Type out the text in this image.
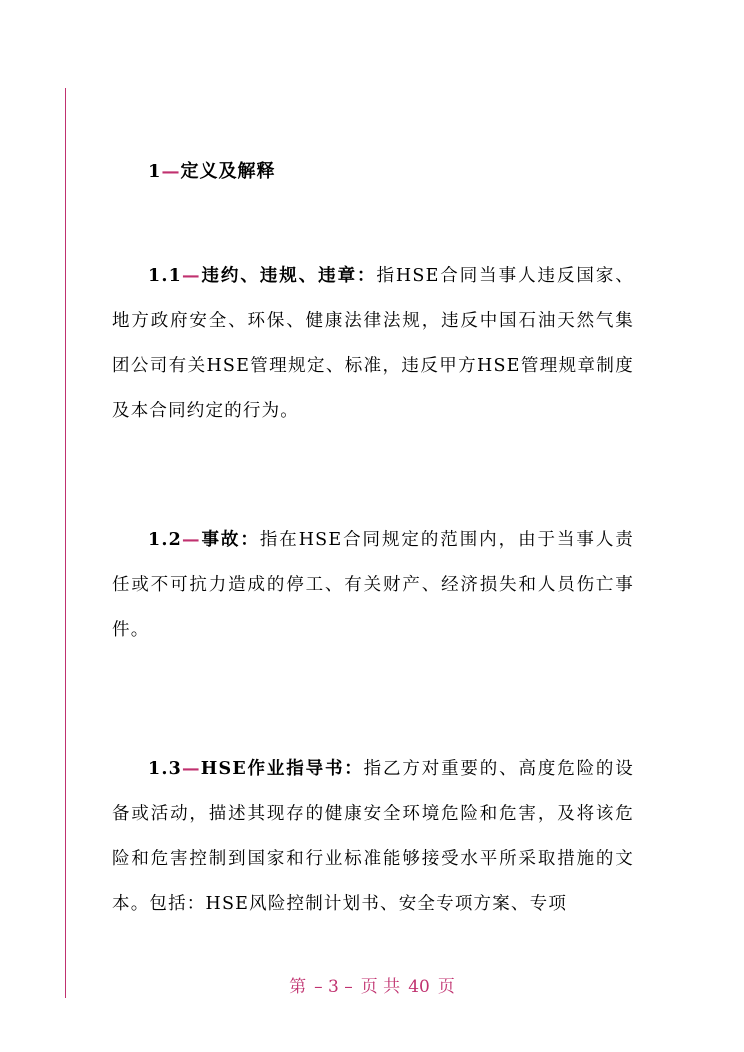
1—定义及解释

1.1—违约、违规、违章：指HSE合同当事人违反国家、地方政府安全、环保、健康法律法规，违反中国石油天然气集团公司有关HSE管理规定、标准，违反甲方HSE管理规章制度及本合同约定的行为。

1.2—事故：指在HSE合同规定的范围内，由于当事人责任或不可抗力造成的停工、有关财产、经济损失和人员伤亡事件。

1.3—HSE作业指导书：指乙方对重要的、高度危险的设备或活动，描述其现存的健康安全环境危险和危害，及将该危险和危害控制到国家和行业标准能够接受水平所采取措施的文本。包括：HSE风险控制计划书、安全专项方案、专项

第 – 3 – 页 共 40 页
